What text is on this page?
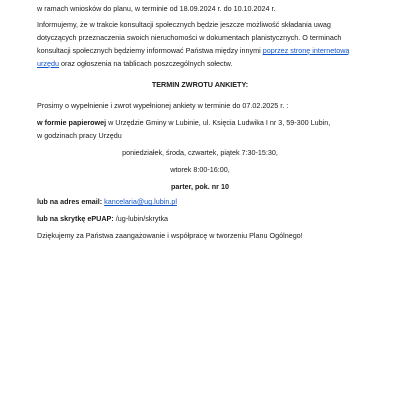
w ramach wniosków do planu, w terminie od 18.09.2024 r. do 10.10.2024 r.
Informujemy, że w trakcie konsultacji społecznych będzie jeszcze możliwość składania uwag
dotyczących przeznaczenia swoich nieruchomości w dokumentach planistycznych. O terminach
konsultacji społecznych będziemy informować Państwa między innymi poprzez stronę internetową
urzędu oraz ogłoszenia na tablicach poszczególnych sołectw.
TERMIN ZWROTU ANKIETY:
Prosimy o wypełnienie i zwrot wypełnionej ankiety w terminie do 07.02.2025 r. :
w formie papierowej w Urzędzie Gminy w Lubinie, ul. Księcia Ludwika I nr 3, 59-300 Lubin,
w godzinach pracy Urzędu
poniedziałek, środa, czwartek, piątek 7:30-15:30,
wtorek 8:00-16:00,
parter, pok. nr 10
lub na adres email: kancelaria@ug.lubin.pl
lub na skrytkę ePUAP: /ug-lubin/skrytka
Dziękujemy za Państwa zaangażowanie i współpracę w tworzeniu Planu Ogólnego!
